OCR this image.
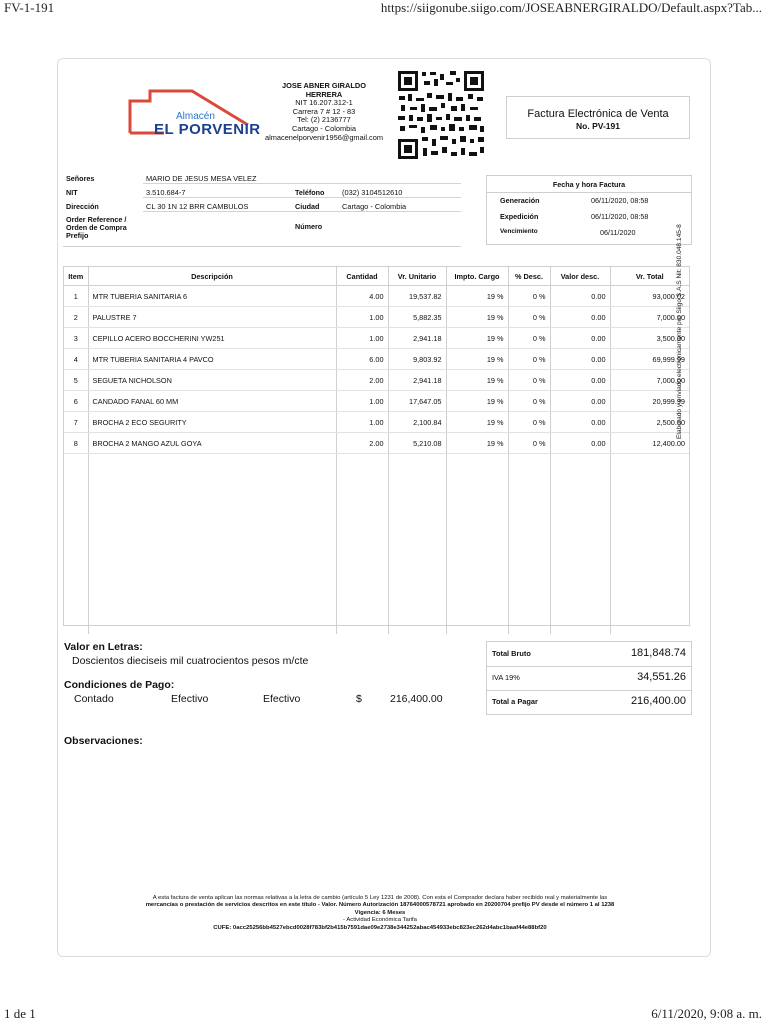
FV-1-191	https://siigonube.siigo.com/JOSEABNERGIRALDO/Default.aspx?Tab...
Almacén
EL PORVENIR
JOSE ABNER GIRALDO
HERRERA
NIT 16.207.312-1
Carrera 7 # 12 - 83
Tel: (2) 2136777
Cartago - Colombia
almacenelporvenir1956@gmail.com
Factura Electrónica de Venta
No. PV-191
Señores	MARIO DE JESUS MESA VELEZ
NIT	3.510.684-7	Teléfono (032) 3104512610
Dirección	CL 30 1N 12 BRR CAMBULOS	Ciudad	Cartago - Colombia
Order Reference /
Orden de Compra
Prefijo
Número
Fecha y hora Factura
Generación	06/11/2020, 08:58
Expedición	06/11/2020, 08:58
Vencimiento	06/11/2020
Item	Descripción	Cantidad	Vr. Unitario	Impto. Cargo	% Desc.	Valor desc.	Vr. Total
1	MTR TUBERIA SANITARIA 6	4.00	19,537.82	19 %	0 %	0.00	93,000.02
2	PALUSTRE 7	1.00	5,882.35	19 %	0 %	0.00	7,000.00
3	CEPILLO ACERO BOCCHERINI YW251	1.00	2,941.18	19 %	0 %	0.00	3,500.00
4	MTR TUBERIA SANITARIA 4 PAVCO	6.00	9,803.92	19 %	0 %	0.00	69,999.99
5	SEGUETA NICHOLSON	2.00	2,941.18	19 %	0 %	0.00	7,000.00
6	CANDADO FANAL 60 MM	1.00	17,647.05	19 %	0 %	0.00	20,999.99
7	BROCHA 2 ECO SEGURITY	1.00	2,100.84	19 %	0 %	0.00	2,500.00
8	BROCHA 2 MANGO AZUL GOYA	2.00	5,210.08	19 %	0 %	0.00	12,400.00

Elaborado y enviado electrónicamente por Siigo S.A.S Nit: 830.048.145-8
Valor en Letras:
Doscientos dieciseis mil cuatrocientos pesos m/cte
Condiciones de Pago:
Contado	Efectivo	Efectivo	$	216,400.00
Total Bruto	181,848.74
IVA 19%	34,551.26
Total a Pagar	216,400.00
Observaciones:
A esta factura de venta aplican las normas relativas a la letra de cambio (artículo 5 Ley 1231 de 2008). Con esta el Comprador declara haber recibido real y materialmente las
mercancías o prestación de servicios descritos en este título - Valor. Número Autorización 18764000578721 aprobado en 20200704 prefijo PV desde el número 1 al 1238
Vigencia: 6 Meses
- Actividad Económica Tarifa
CUFE: 0acc25256bb4527ebcd0028f783bf2b415b7591dae09e2738e344252abac454933ebc823ec262d4abc1baaf44e88bf20
1 de 1	6/11/2020, 9:08 a. m.
